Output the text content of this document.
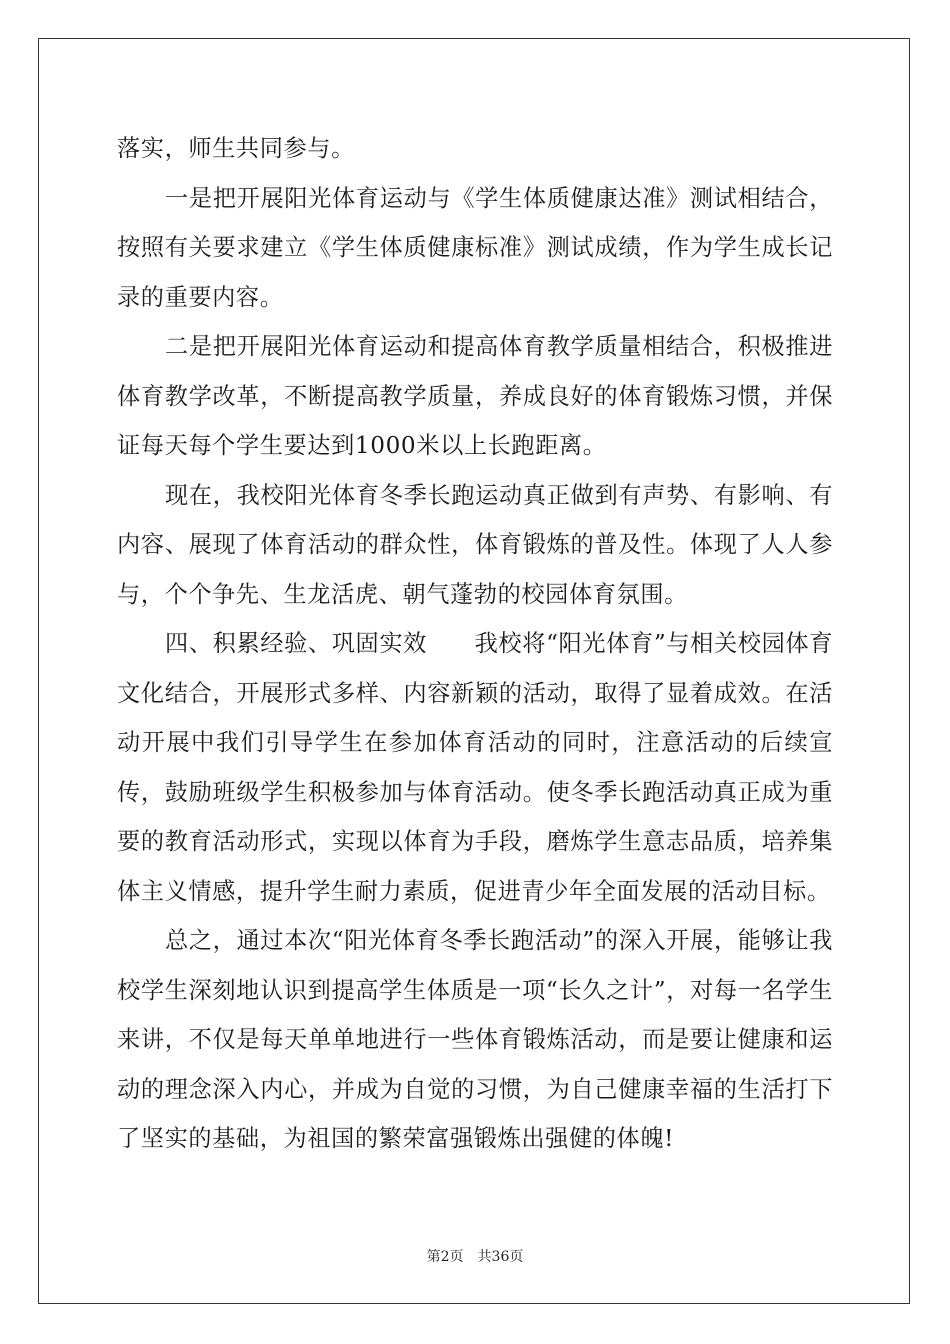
落实，师生共同参与。

一是把开展阳光体育运动与《学生体质健康达准》测试相结合，按照有关要求建立《学生体质健康标准》测试成绩，作为学生成长记录的重要内容。

二是把开展阳光体育运动和提高体育教学质量相结合，积极推进体育教学改革，不断提高教学质量，养成良好的体育锻炼习惯，并保证每天每个学生要达到1000米以上长跑距离。

现在，我校阳光体育冬季长跑运动真正做到有声势、有影响、有内容、展现了体育活动的群众性，体育锻炼的普及性。体现了人人参与，个个争先、生龙活虎、朝气蓬勃的校园体育氛围。

四、积累经验、巩固实效　　我校将“阳光体育”与相关校园体育文化结合，开展形式多样、内容新颖的活动，取得了显着成效。在活动开展中我们引导学生在参加体育活动的同时，注意活动的后续宣传，鼓励班级学生积极参加与体育活动。使冬季长跑活动真正成为重要的教育活动形式，实现以体育为手段，磨炼学生意志品质，培养集体主义情感，提升学生耐力素质，促进青少年全面发展的活动目标。

总之，通过本次“阳光体育冬季长跑活动”的深入开展，能够让我校学生深刻地认识到提高学生体质是一项“长久之计”，对每一名学生来讲，不仅是每天单单地进行一些体育锻炼活动，而是要让健康和运动的理念深入内心，并成为自觉的习惯，为自己健康幸福的生活打下了坚实的基础，为祖国的繁荣富强锻炼出强健的体魄!

第2页　共36页
